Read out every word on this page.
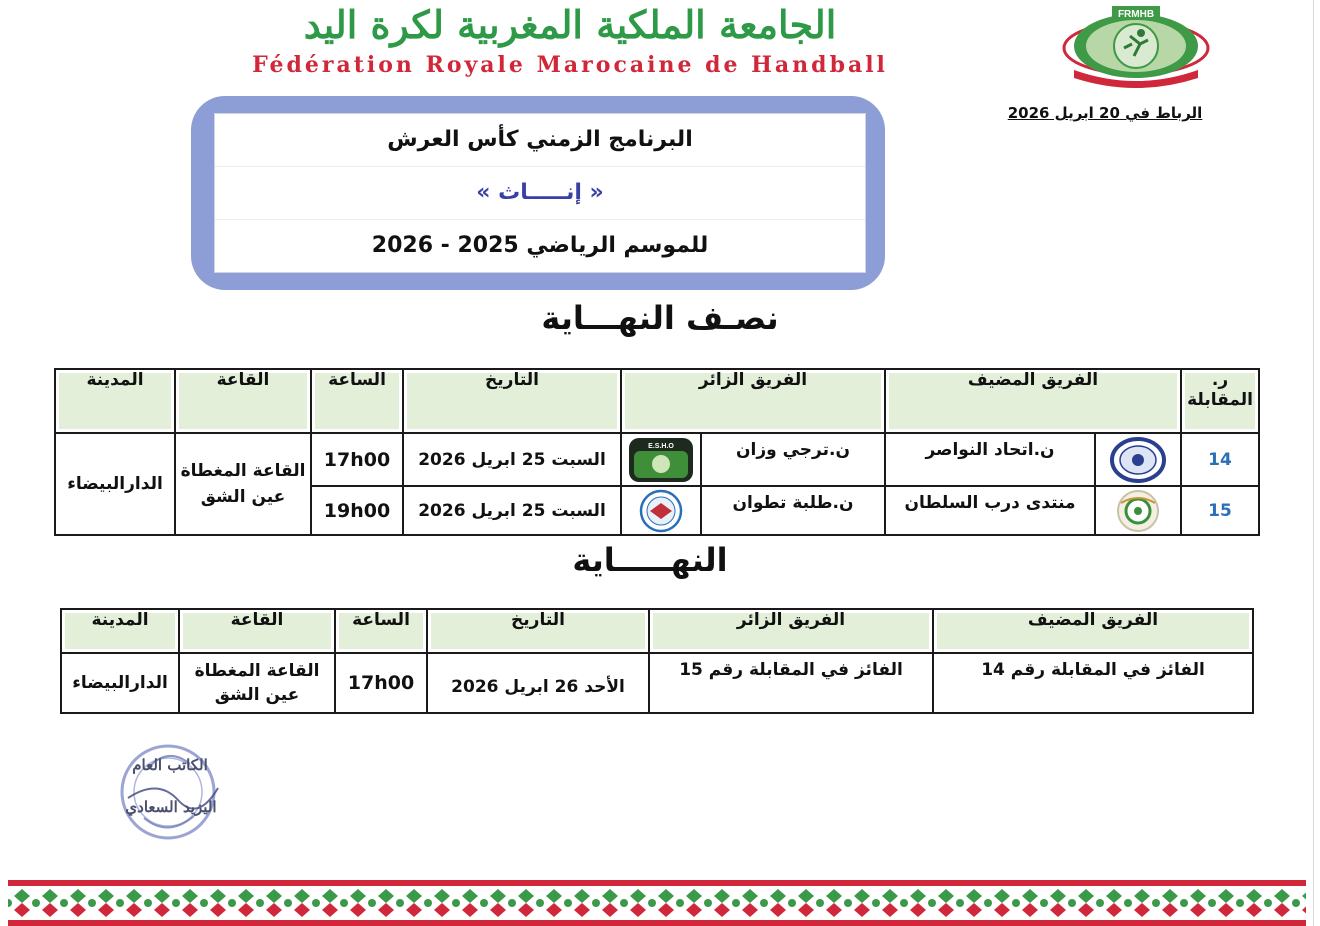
الجامعة الملكية المغربية لكرة اليد
Fédération Royale Marocaine de Handball
FRMHB
الرباط في 20 ابريل 2026
البرنامج الزمني كأس العرش
« إنـــــاث »
للموسم الرياضي 2025 - 2026
نصـف النهـــاية
ر. المقابلة	الفريق المضيف		الفريق الزائر		التاريخ	الساعة	القاعة	المدينة
14		ن.اتحاد النواصر	ن.ترجي وزان	E.S.H.O	السبت 25 ابريل 2026	17h00	القاعة المغطاة
عين الشق	الدارالبيضاء
15		منتدى درب السلطان	ن.طلبة تطوان		السبت 25 ابريل 2026	19h00		
النهـــــاية
الفريق المضيف	الفريق الزائر	التاريخ	الساعة	القاعة	المدينة
الفائز في المقابلة رقم 14	الفائز في المقابلة رقم 15	الأحد 26 ابريل 2026	17h00	القاعة المغطاة
عين الشق	الدارالبيضاء
الكاتب العام
اليزيد السعادي
